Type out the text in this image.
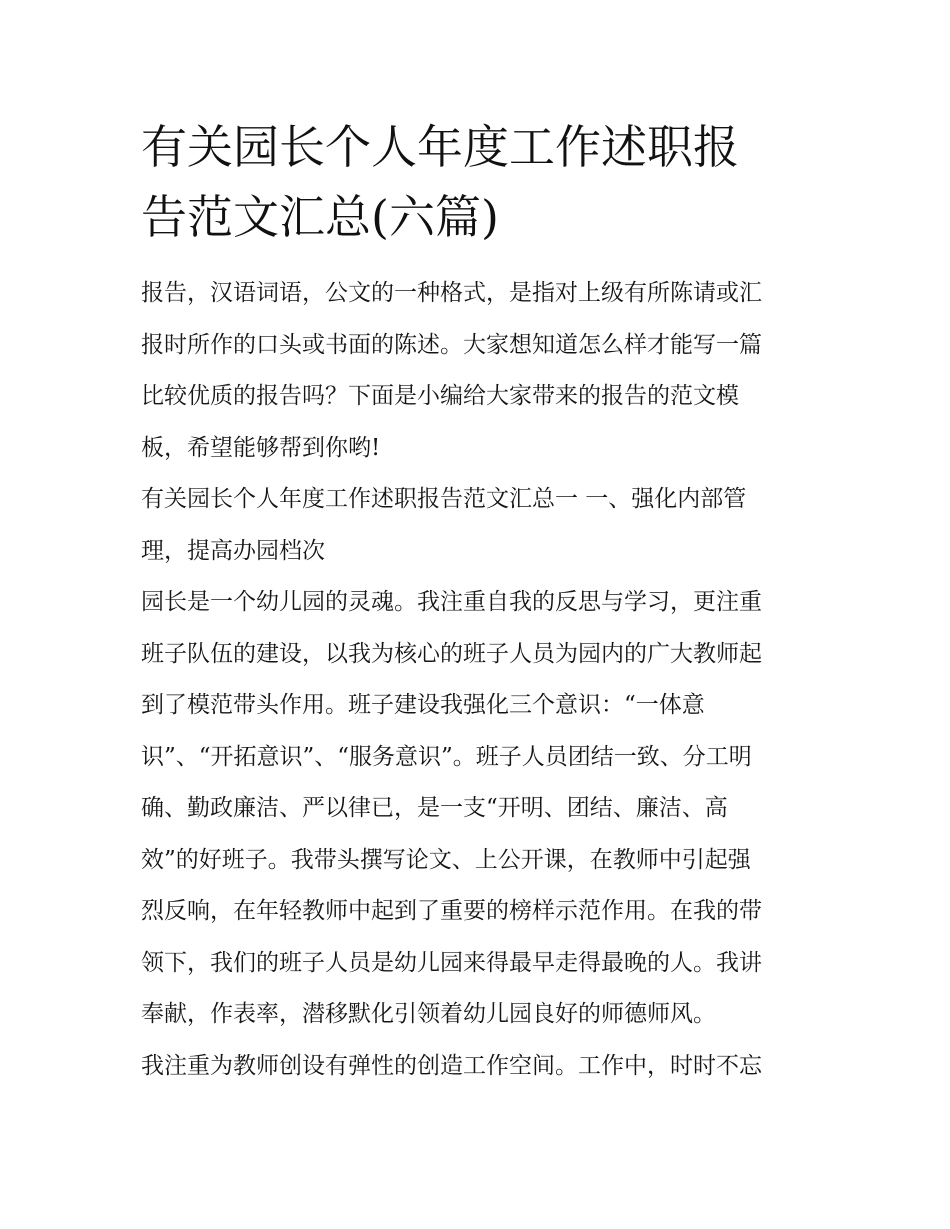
有关园长个人年度工作述职报
告范文汇总(六篇)

报告，汉语词语，公文的一种格式，是指对上级有所陈请或汇
报时所作的口头或书面的陈述。大家想知道怎么样才能写一篇
比较优质的报告吗？下面是小编给大家带来的报告的范文模
板，希望能够帮到你哟!

有关园长个人年度工作述职报告范文汇总一 一、强化内部管
理，提高办园档次

园长是一个幼儿园的灵魂。我注重自我的反思与学习，更注重
班子队伍的建设，以我为核心的班子人员为园内的广大教师起
到了模范带头作用。班子建设我强化三个意识：“一体意
识”、“开拓意识”、“服务意识”。班子人员团结一致、分工明
确、勤政廉洁、严以律已，是一支“开明、团结、廉洁、高
效”的好班子。我带头撰写论文、上公开课，在教师中引起强
烈反响，在年轻教师中起到了重要的榜样示范作用。在我的带
领下，我们的班子人员是幼儿园来得最早走得最晚的人。我讲
奉献，作表率，潜移默化引领着幼儿园良好的师德师风。

我注重为教师创设有弹性的创造工作空间。工作中，时时不忘
